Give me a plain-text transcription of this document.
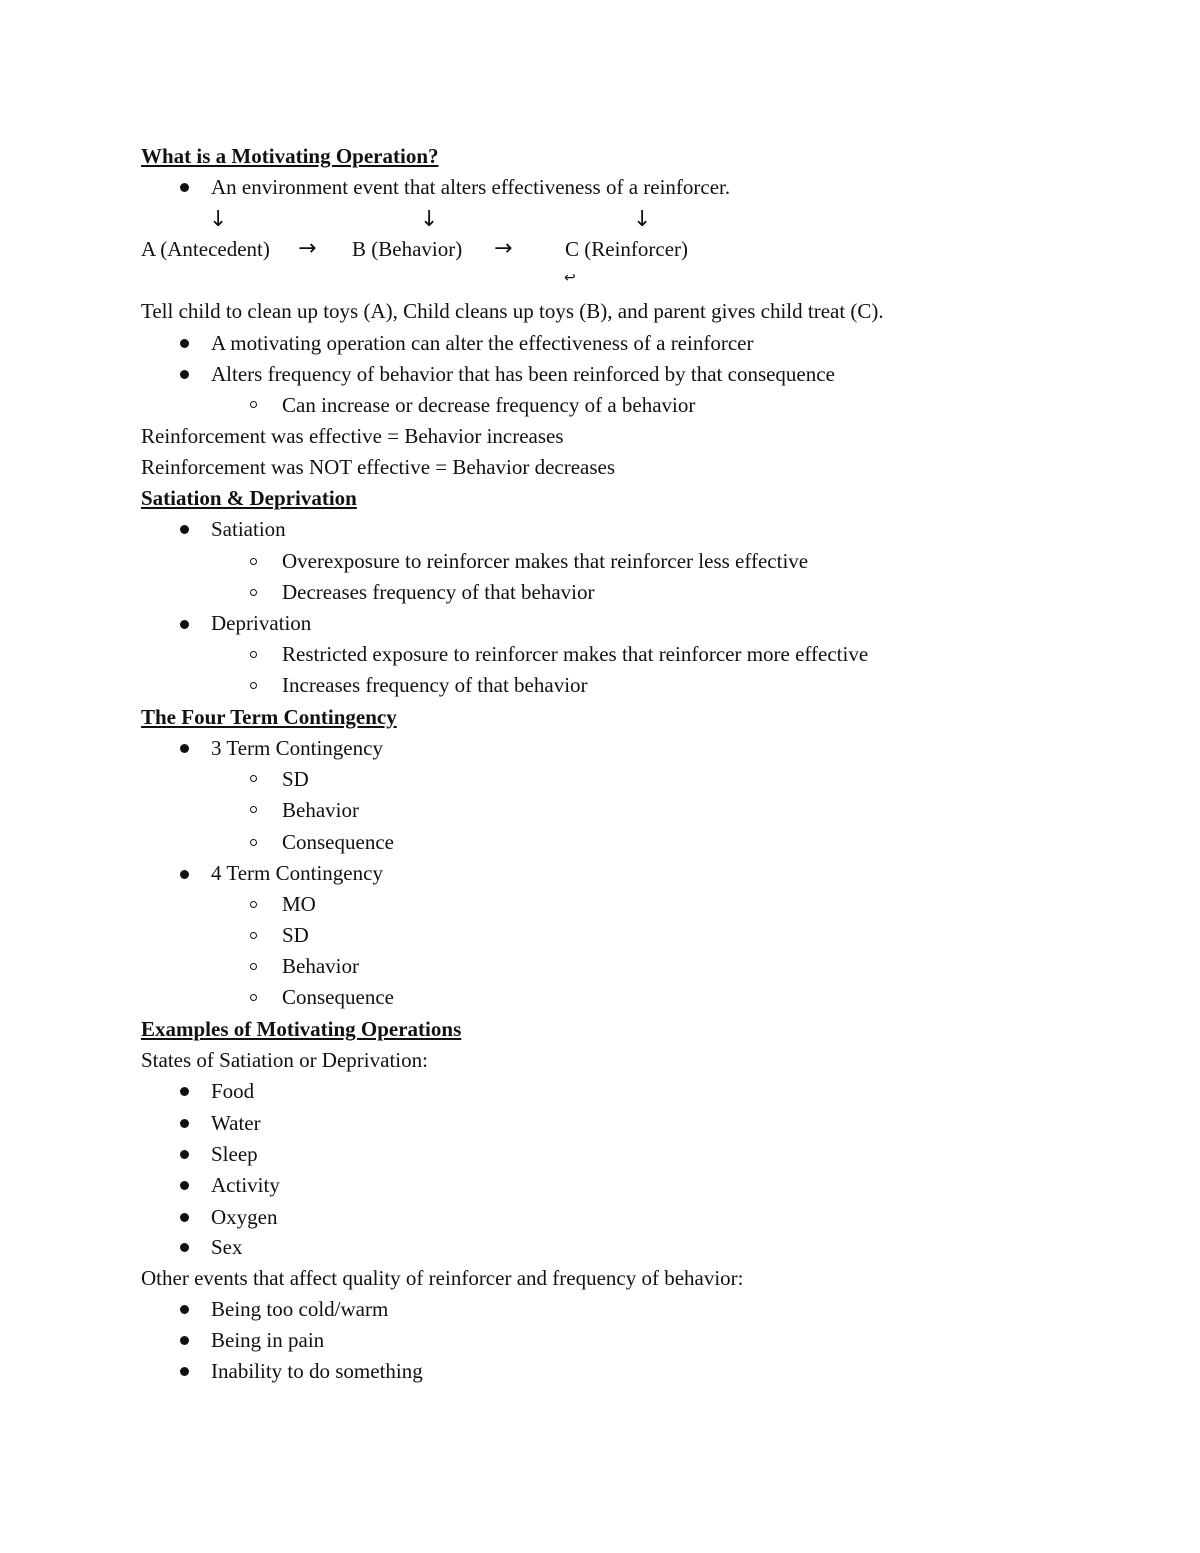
What is a Motivating Operation?
An environment event that alters effectiveness of a reinforcer.
↓	↓	↓
A (Antecedent) → B (Behavior) →	C (Reinforcer)
↩
Tell child to clean up toys (A), Child cleans up toys (B), and parent gives child treat (C).
A motivating operation can alter the effectiveness of a reinforcer
Alters frequency of behavior that has been reinforced by that consequence
Can increase or decrease frequency of a behavior
Reinforcement was effective = Behavior increases
Reinforcement was NOT effective = Behavior decreases
Satiation & Deprivation
Satiation
Overexposure to reinforcer makes that reinforcer less effective
Decreases frequency of that behavior
Deprivation
Restricted exposure to reinforcer makes that reinforcer more effective
Increases frequency of that behavior
The Four Term Contingency
3 Term Contingency
SD
Behavior
Consequence
4 Term Contingency
MO
SD
Behavior
Consequence
Examples of Motivating Operations
States of Satiation or Deprivation:
Food
Water
Sleep
Activity
Oxygen
Sex
Other events that affect quality of reinforcer and frequency of behavior:
Being too cold/warm
Being in pain
Inability to do something
